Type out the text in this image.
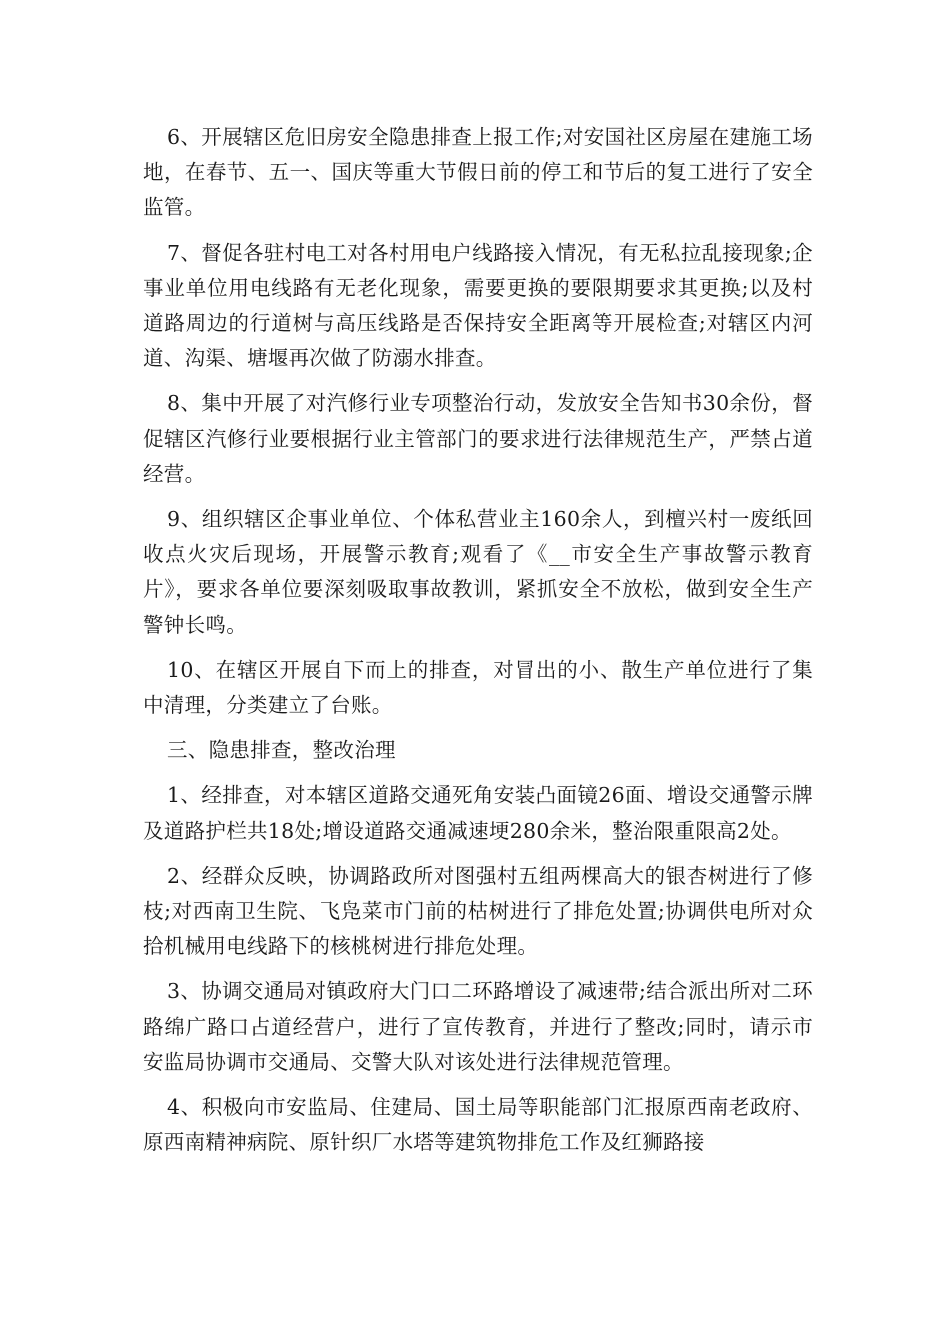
6、开展辖区危旧房安全隐患排查上报工作;对安国社区房屋在建施工场地，在春节、五一、国庆等重大节假日前的停工和节后的复工进行了安全监管。

7、督促各驻村电工对各村用电户线路接入情况，有无私拉乱接现象;企事业单位用电线路有无老化现象，需要更换的要限期要求其更换;以及村道路周边的行道树与高压线路是否保持安全距离等开展检查;对辖区内河道、沟渠、塘堰再次做了防溺水排查。

8、集中开展了对汽修行业专项整治行动，发放安全告知书30余份，督促辖区汽修行业要根据行业主管部门的要求进行法律规范生产，严禁占道经营。

9、组织辖区企事业单位、个体私营业主160余人，到檀兴村一废纸回收点火灾后现场，开展警示教育;观看了《__市安全生产事故警示教育片》，要求各单位要深刻吸取事故教训，紧抓安全不放松，做到安全生产警钟长鸣。

10、在辖区开展自下而上的排查，对冒出的小、散生产单位进行了集中清理，分类建立了台账。

三、隐患排查，整改治理

1、经排查，对本辖区道路交通死角安装凸面镜26面、增设交通警示牌及道路护栏共18处;增设道路交通减速埂280余米，整治限重限高2处。

2、经群众反映，协调路政所对图强村五组两棵高大的银杏树进行了修枝;对西南卫生院、飞凫菜市门前的枯树进行了排危处置;协调供电所对众拾机械用电线路下的核桃树进行排危处理。

3、协调交通局对镇政府大门口二环路增设了减速带;结合派出所对二环路绵广路口占道经营户，进行了宣传教育，并进行了整改;同时，请示市安监局协调市交通局、交警大队对该处进行法律规范管理。

4、积极向市安监局、住建局、国土局等职能部门汇报原西南老政府、原西南精神病院、原针织厂水塔等建筑物排危工作及红狮路接
